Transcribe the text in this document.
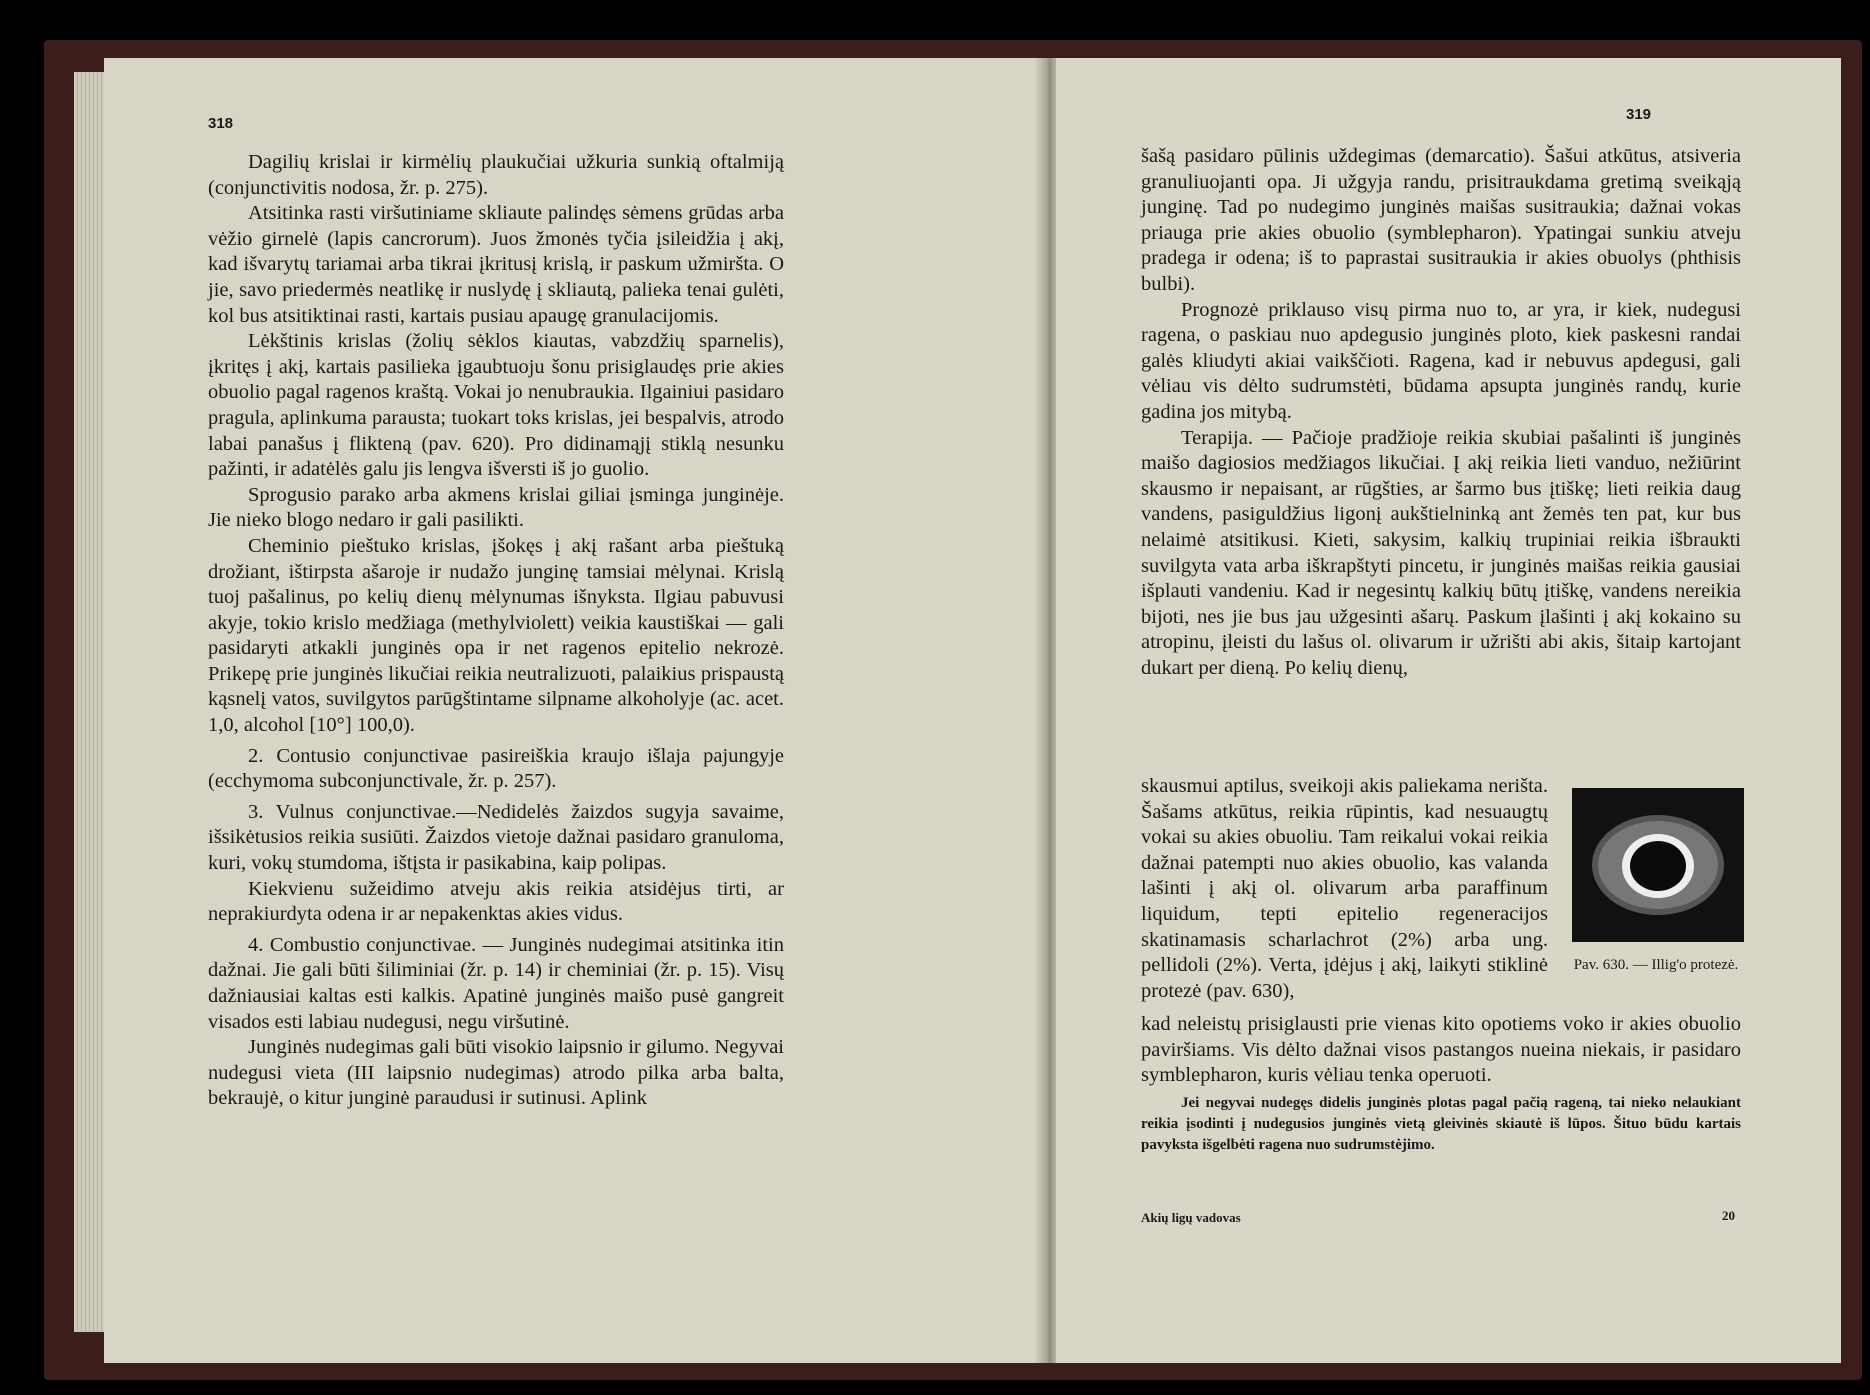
318

Dagilių krislai ir kirmėlių plaukučiai užkuria sunkią oftalmiją (conjunctivitis nodosa, žr. p. 275).

Atsitinka rasti viršutiniame skliaute palindęs sėmens grūdas arba vėžio girnelė (lapis cancrorum). Juos žmonės tyčia įsileidžia į akį, kad išvarytų tariamai arba tikrai įkritusį krislą, ir paskum užmiršta. O jie, savo priedermės neatlikę ir nuslydę į skliautą, palieka tenai gulėti, kol bus atsitiktinai rasti, kartais pusiau apaugę granulacijomis.

Lėkštinis krislas (žolių sėklos kiautas, vabzdžių sparnelis), įkritęs į akį, kartais pasilieka įgaubtuoju šonu prisiglaudęs prie akies obuolio pagal ragenos kraštą. Vokai jo nenubraukia. Ilgainiui pasidaro pragula, aplinkuma parausta; tuokart toks krislas, jei bespalvis, atrodo labai panašus į flikteną (pav. 620). Pro didinamąjį stiklą nesunku pažinti, ir adatėlės galu jis lengva išversti iš jo guolio.

Sprogusio parako arba akmens krislai giliai įsminga junginėje. Jie nieko blogo nedaro ir gali pasilikti.

Cheminio pieštuko krislas, įšokęs į akį rašant arba pieštuką drožiant, ištirpsta ašaroje ir nudažo junginę tamsiai mėlynai. Krislą tuoj pašalinus, po kelių dienų mėlynumas išnyksta. Ilgiau pabuvusi akyje, tokio krislo medžiaga (methylviolett) veikia kaustiškai — gali pasidaryti atkakli junginės opa ir net ragenos epitelio nekrozė. Prikepę prie junginės likučiai reikia neutralizuoti, palaikius prispaustą kąsnelį vatos, suvilgytos parūgštintame silpname alkoholyje (ac. acet. 1,0, alcohol [10°] 100,0).

2. Contusio conjunctivae pasireiškia kraujo išlaja pajungyje (ecchymoma subconjunctivale, žr. p. 257).

3. Vulnus conjunctivae.—Nedidelės žaizdos sugyja savaime, išsikėtusios reikia susiūti. Žaizdos vietoje dažnai pasidaro granuloma, kuri, vokų stumdoma, ištįsta ir pasikabina, kaip polipas.

Kiekvienu sužeidimo atveju akis reikia atsidėjus tirti, ar neprakiurdyta odena ir ar nepakenktas akies vidus.

4. Combustio conjunctivae. — Junginės nudegimai atsitinka itin dažnai. Jie gali būti šiliminiai (žr. p. 14) ir cheminiai (žr. p. 15). Visų dažniausiai kaltas esti kalkis. Apatinė junginės maišo pusė gangreit visados esti labiau nudegusi, negu viršutinė.

Junginės nudegimas gali būti visokio laipsnio ir gilumo. Negyvai nudegusi vieta (III laipsnio nudegimas) atrodo pilka arba balta, bekraujė, o kitur junginė paraudusi ir sutinusi. Aplink

319

šašą pasidaro pūlinis uždegimas (demarcatio). Šašui atkūtus, atsiveria granuliuojanti opa. Ji užgyja randu, prisitraukdama gretimą sveikąją junginę. Tad po nudegimo junginės maišas susitraukia; dažnai vokas priauga prie akies obuolio (symblepharon). Ypatingai sunkiu atveju pradega ir odena; iš to paprastai susitraukia ir akies obuolys (phthisis bulbi).

Prognozė priklauso visų pirma nuo to, ar yra, ir kiek, nudegusi ragena, o paskiau nuo apdegusio junginės ploto, kiek paskesni randai galės kliudyti akiai vaikščioti. Ragena, kad ir nebuvus apdegusi, gali vėliau vis dėlto sudrumstėti, būdama apsupta junginės randų, kurie gadina jos mitybą.

Terapija. — Pačioje pradžioje reikia skubiai pašalinti iš junginės maišo dagiosios medžiagos likučiai. Į akį reikia lieti vanduo, nežiūrint skausmo ir nepaisant, ar rūgšties, ar šarmo bus įtiškę; lieti reikia daug vandens, pasiguldžius ligonį aukštielninką ant žemės ten pat, kur bus nelaimė atsitikusi. Kieti, sakysim, kalkių trupiniai reikia išbraukti suvilgyta vata arba iškrapštyti pincetu, ir junginės maišas reikia gausiai išplauti vandeniu. Kad ir negesintų kalkių būtų įtiškę, vandens nereikia bijoti, nes jie bus jau užgesinti ašarų. Paskum įlašinti į akį kokaino su atropinu, įleisti du lašus ol. olivarum ir užrišti abi akis, šitaip kartojant dukart per dieną. Po kelių dienų,

skausmui aptilus, sveikoji akis paliekama nerišta. Šašams atkūtus, reikia rūpintis, kad nesuaugtų vokai su akies obuoliu. Tam reikalui vokai reikia dažnai patempti nuo akies obuolio, kas valanda lašinti į akį ol. olivarum arba paraffinum liquidum, tepti epitelio regeneracijos skatinamasis scharlachrot (2%) arba ung. pellidoli (2%). Verta, įdėjus į akį, laikyti stiklinė protezė (pav. 630),

Pav. 630. — Illig'o protezė.

kad neleistų prisiglausti prie vienas kito opotiems voko ir akies obuolio paviršiams. Vis dėlto dažnai visos pastangos nueina niekais, ir pasidaro symblepharon, kuris vėliau tenka operuoti.

Jei negyvai nudegęs didelis junginės plotas pagal pačią rageną, tai nieko nelaukiant reikia įsodinti į nudegusios junginės vietą gleivinės skiautė iš lūpos. Šituo būdu kartais pavyksta išgelbėti ragena nuo sudrumstėjimo.

Akių ligų vadovas	20
